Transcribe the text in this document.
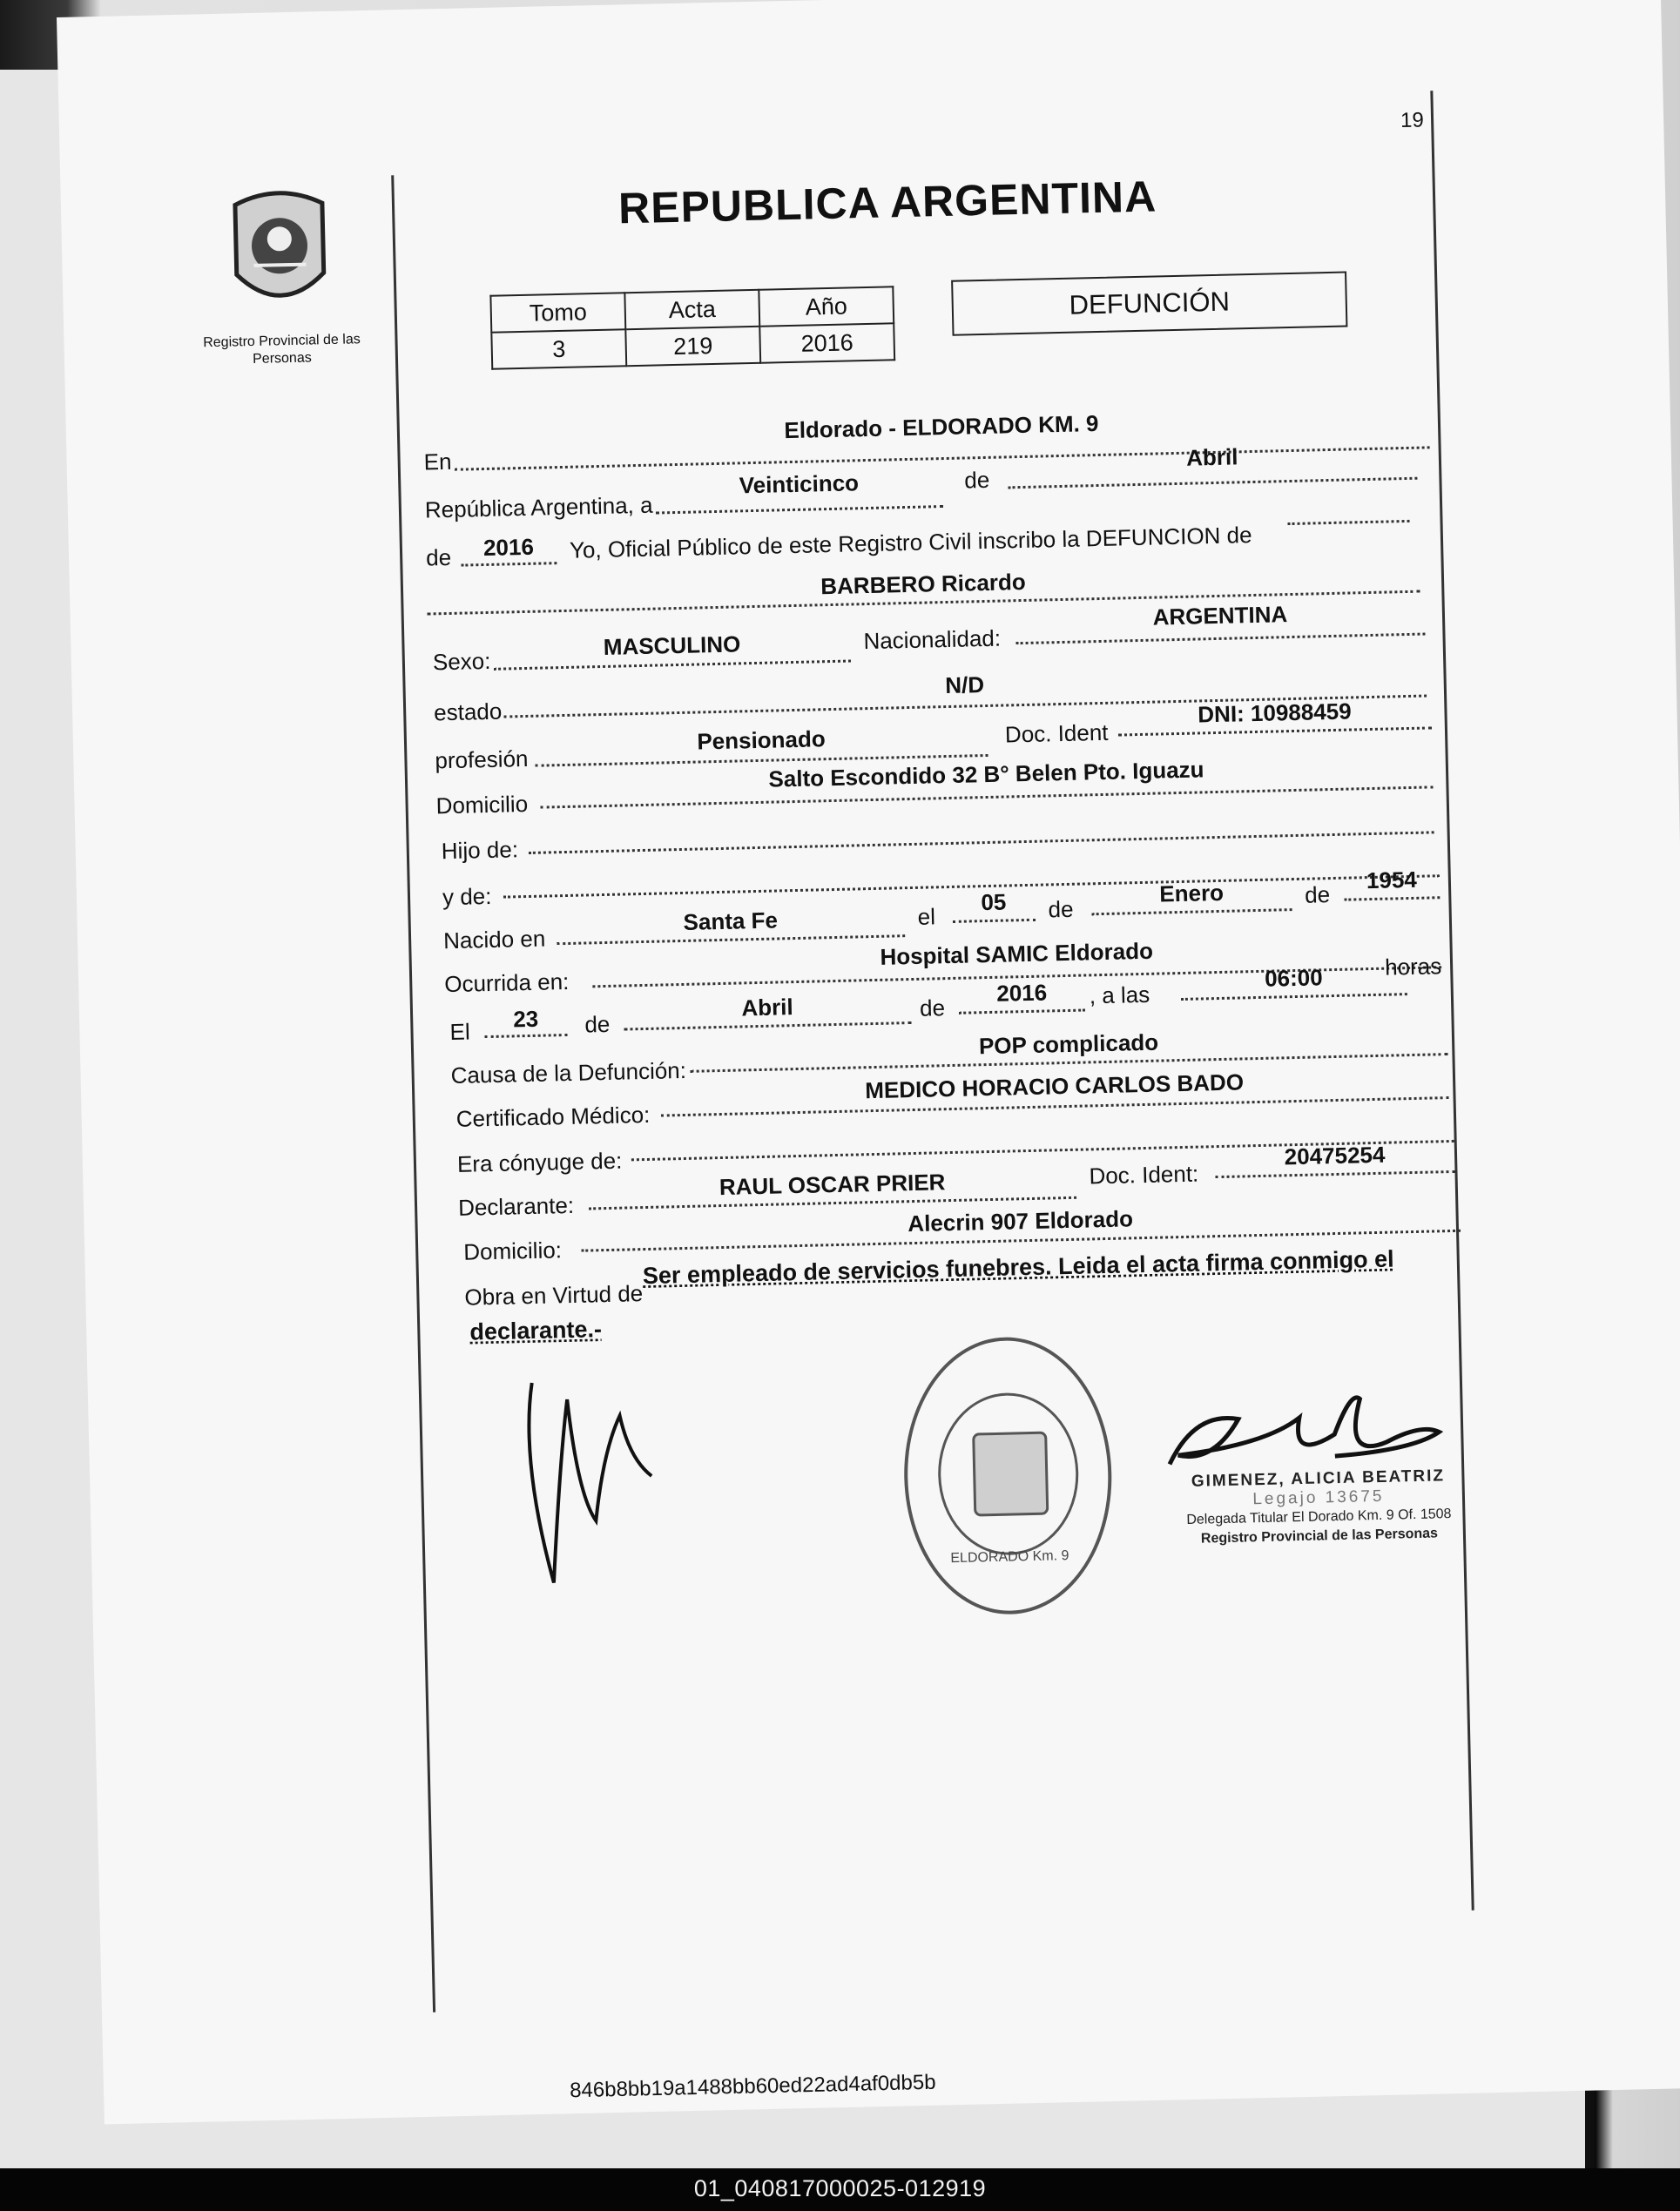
19
Registro Provincial de las Personas
REPUBLICA ARGENTINA
Tomo	Acta	Año
3	219	2016
DEFUNCIÓN
En
Eldorado - ELDORADO KM. 9
República Argentina, a
Veinticinco	de
Abril
de	2016	Yo, Oficial Público de este Registro Civil inscribo la DEFUNCION de
BARBERO Ricardo
Sexo:
MASCULINO	Nacionalidad:
ARGENTINA
estado
N/D
profesión
Pensionado	Doc. Ident
DNI: 10988459
Domicilio
Salto Escondido 32 B° Belen Pto. Iguazu
Hijo de:
y de:
Nacido en
Santa Fe	el
05	de
Enero	de
1954
Ocurrida en:
Hospital SAMIC Eldorado
El	23	de
Abril	de
2016	, a las
06:00	horas
Causa de la Defunción:
POP complicado
Certificado Médico:
MEDICO HORACIO CARLOS BADO
Era cónyuge de:
Declarante:
RAUL OSCAR PRIER	Doc. Ident:
20475254
Domicilio:
Alecrin 907 Eldorado
Obra en Virtud de
Ser empleado de servicios funebres. Leida el acta firma conmigo el
declarante.-
ELDORADO Km. 9
GIMENEZ, ALICIA BEATRIZ
Legajo 13675
Delegada Titular El Dorado Km. 9 Of. 1508
Registro Provincial de las Personas
846b8bb19a1488bb60ed22ad4af0db5b
01_040817000025-012919
